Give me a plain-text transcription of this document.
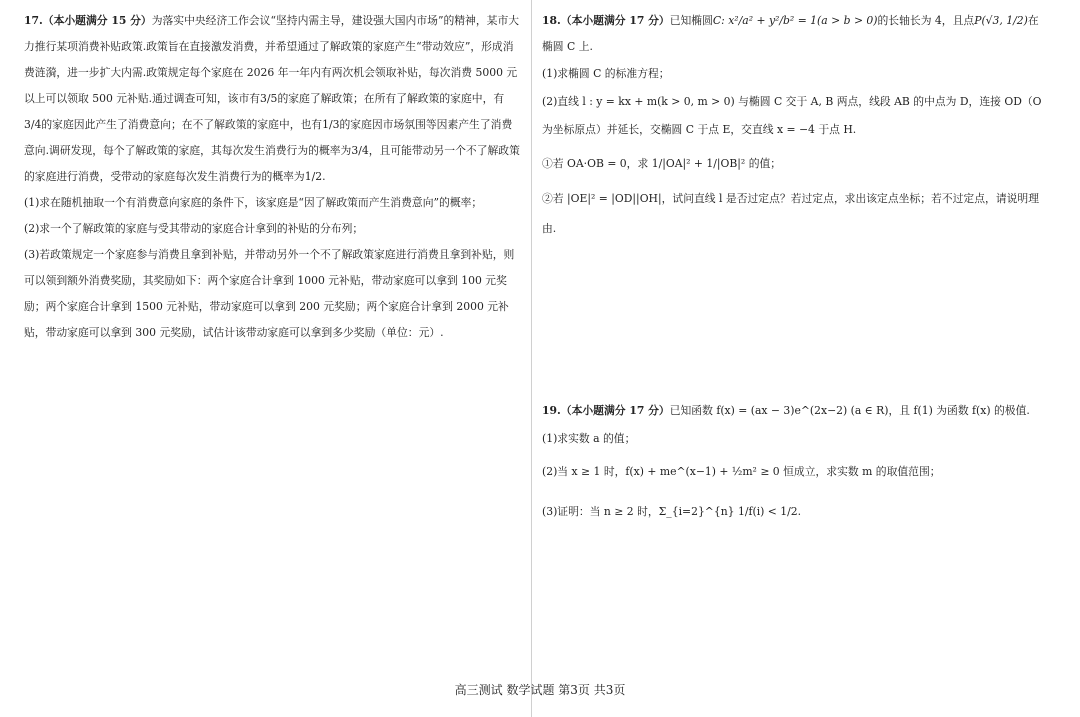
17.（本小题满分 15 分）为落实中央经济工作会议“坚持内需主导，建设强大国内市场”的精神，某市大力推行某项消费补贴政策.政策旨在直接激发消费，并希望通过了解政策的家庭产生“带动效应”，形成消费涟漪，进一步扩大内需.政策规定每个家庭在 2026 年一年内有两次机会领取补贴，每次消费 5000 元以上可以领取 500 元补贴.通过调查可知，该市有3/5的家庭了解政策；在所有了解政策的家庭中，有3/4的家庭因此产生了消费意向；在不了解政策的家庭中，也有1/3的家庭因市场氛围等因素产生了消费意向.调研发现，每个了解政策的家庭，其每次发生消费行为的概率为3/4，且可能带动另一个不了解政策的家庭进行消费，受带动的家庭每次发生消费行为的概率为1/2.

(1)求在随机抽取一个有消费意向家庭的条件下，该家庭是“因了解政策而产生消费意向”的概率；

(2)求一个了解政策的家庭与受其带动的家庭合计拿到的补贴的分布列；

(3)若政策规定一个家庭参与消费且拿到补贴，并带动另外一个不了解政策家庭进行消费且拿到补贴，则可以领到额外消费奖励，其奖励如下：两个家庭合计拿到 1000 元补贴，带动家庭可以拿到 100 元奖励；两个家庭合计拿到 1500 元补贴，带动家庭可以拿到 200 元奖励；两个家庭合计拿到 2000 元补贴，带动家庭可以拿到 300 元奖励，试估计该带动家庭可以拿到多少奖励（单位：元）.

18.（本小题满分 17 分）已知椭圆C: x²/a² + y²/b² = 1(a > b > 0)的长轴长为 4，且点P(√3, 1/2)在椭圆 C 上.

(1)求椭圆 C 的标准方程；

(2)直线 l : y = kx + m(k > 0, m > 0) 与椭圆 C 交于 A, B 两点，线段 AB 的中点为 D，连接 OD（O 为坐标原点）并延长，交椭圆 C 于点 E，交直线 x = −4 于点 H.

①若 OA·OB = 0，求 1/|OA|² + 1/|OB|² 的值；

②若 |OE|² = |OD||OH|，试问直线 l 是否过定点？若过定点，求出该定点坐标；若不过定点，请说明理由.

19.（本小题满分 17 分）已知函数 f(x) = (ax − 3)e^(2x−2) (a ∈ R)，且 f(1) 为函数 f(x) 的极值.

(1)求实数 a 的值；

(2)当 x ≥ 1 时，f(x) + me^(x−1) + ½m² ≥ 0 恒成立，求实数 m 的取值范围；

(3)证明：当 n ≥ 2 时，Σ_{i=2}^{n} 1/f(i) < 1/2.

高三测试 数学试题 第3页 共3页
